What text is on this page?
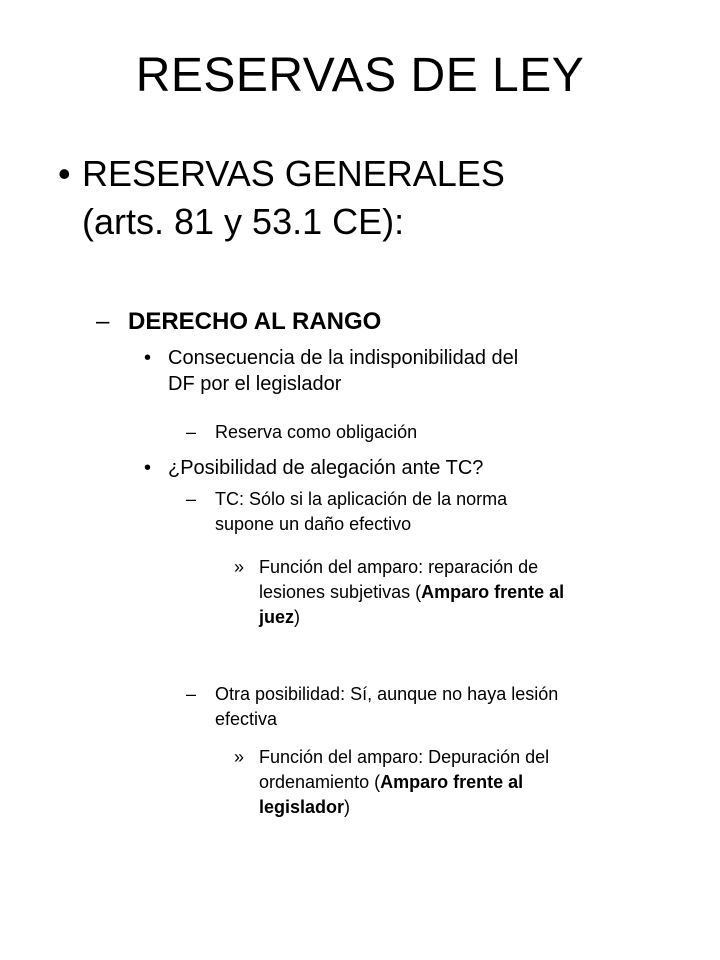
RESERVAS DE LEY
• RESERVAS GENERALES
(arts. 81 y 53.1 CE):
– DERECHO AL RANGO
• Consecuencia de la indisponibilidad del
DF por el legislador
– Reserva como obligación
• ¿Posibilidad de alegación ante TC?
– TC: Sólo si la aplicación de la norma
supone un daño efectivo
» Función del amparo: reparación de
lesiones subjetivas (Amparo frente al
juez)
– Otra posibilidad: Sí, aunque no haya lesión
efectiva
» Función del amparo: Depuración del
ordenamiento (Amparo frente al
legislador)
